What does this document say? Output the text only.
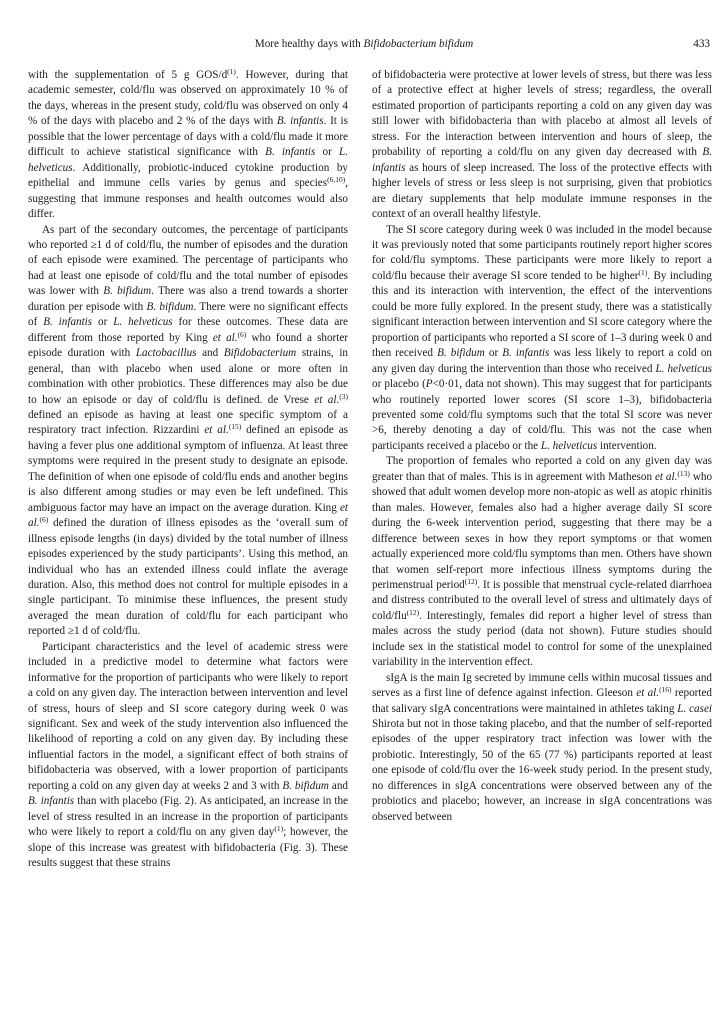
More healthy days with Bifidobacterium bifidum	433

with the supplementation of 5 g GOS/$d^{(1)}$. However, during that academic semester, cold/flu was observed on approximately 10 % of the days, whereas in the present study, cold/flu was observed on only 4 % of the days with placebo and 2 % of the days with B. infantis. It is possible that the lower percentage of days with a cold/flu made it more difficult to achieve statistical significance with B. infantis or L. helveticus. Additionally, probiotic-induced cytokine production by epithelial and immune cells varies by genus and species$^{(6,10)}$, suggesting that immune responses and health outcomes would also differ.

As part of the secondary outcomes, the percentage of participants who reported ≥1 d of cold/flu, the number of episodes and the duration of each episode were examined. The percentage of participants who had at least one episode of cold/flu and the total number of episodes was lower with B. bifidum. There was also a trend towards a shorter duration per episode with B. bifidum. There were no significant effects of B. infantis or L. helveticus for these outcomes. These data are different from those reported by King et al.$^{(6)}$ who found a shorter episode duration with Lactobacillus and Bifidobacterium strains, in general, than with placebo when used alone or more often in combination with other probiotics. These differences may also be due to how an episode or day of cold/flu is defined. de Vrese et al.$^{(3)}$ defined an episode as having at least one specific symptom of a respiratory tract infection. Rizzardini et al.$^{(15)}$ defined an episode as having a fever plus one additional symptom of influenza. At least three symptoms were required in the present study to designate an episode. The definition of when one episode of cold/flu ends and another begins is also different among studies or may even be left undefined. This ambiguous factor may have an impact on the average duration. King et al.$^{(6)}$ defined the duration of illness episodes as the ‘overall sum of illness episode lengths (in days) divided by the total number of illness episodes experienced by the study participants’. Using this method, an individual who has an extended illness could inflate the average duration. Also, this method does not control for multiple episodes in a single participant. To minimise these influences, the present study averaged the mean duration of cold/flu for each participant who reported ≥1 d of cold/flu.

Participant characteristics and the level of academic stress were included in a predictive model to determine what factors were informative for the proportion of participants who were likely to report a cold on any given day. The interaction between intervention and level of stress, hours of sleep and SI score category during week 0 was significant. Sex and week of the study intervention also influenced the likelihood of reporting a cold on any given day. By including these influential factors in the model, a significant effect of both strains of bifidobacteria was observed, with a lower proportion of participants reporting a cold on any given day at weeks 2 and 3 with B. bifidum and B. infantis than with placebo (Fig. 2). As anticipated, an increase in the level of stress resulted in an increase in the proportion of participants who were likely to report a cold/flu on any given day$^{(1)}$; however, the slope of this increase was greatest with bifidobacteria (Fig. 3). These results suggest that these strains

of bifidobacteria were protective at lower levels of stress, but there was less of a protective effect at higher levels of stress; regardless, the overall estimated proportion of participants reporting a cold on any given day was still lower with bifidobacteria than with placebo at almost all levels of stress. For the interaction between intervention and hours of sleep, the probability of reporting a cold/flu on any given day decreased with B. infantis as hours of sleep increased. The loss of the protective effects with higher levels of stress or less sleep is not surprising, given that probiotics are dietary supplements that help modulate immune responses in the context of an overall healthy lifestyle.

The SI score category during week 0 was included in the model because it was previously noted that some participants routinely report higher scores for cold/flu symptoms. These participants were more likely to report a cold/flu because their average SI score tended to be higher$^{(1)}$. By including this and its interaction with intervention, the effect of the interventions could be more fully explored. In the present study, there was a statistically significant interaction between intervention and SI score category where the proportion of participants who reported a SI score of 1–3 during week 0 and then received B. bifidum or B. infantis was less likely to report a cold on any given day during the intervention than those who received L. helveticus or placebo (P<0·01, data not shown). This may suggest that for participants who routinely reported lower scores (SI score 1–3), bifidobacteria prevented some cold/flu symptoms such that the total SI score was never >6, thereby denoting a day of cold/flu. This was not the case when participants received a placebo or the L. helveticus intervention.

The proportion of females who reported a cold on any given day was greater than that of males. This is in agreement with Matheson et al.$^{(13)}$ who showed that adult women develop more non-atopic as well as atopic rhinitis than males. However, females also had a higher average daily SI score during the 6-week intervention period, suggesting that there may be a difference between sexes in how they report symptoms or that women actually experienced more cold/flu symptoms than men. Others have shown that women self-report more infectious illness symptoms during the perimenstrual period$^{(12)}$. It is possible that menstrual cycle-related diarrhoea and distress contributed to the overall level of stress and ultimately days of cold/flu$^{(12)}$. Interestingly, females did report a higher level of stress than males across the study period (data not shown). Future studies should include sex in the statistical model to control for some of the unexplained variability in the intervention effect.

sIgA is the main Ig secreted by immune cells within mucosal tissues and serves as a first line of defence against infection. Gleeson et al.$^{(16)}$ reported that salivary sIgA concentrations were maintained in athletes taking L. casei Shirota but not in those taking placebo, and that the number of self-reported episodes of the upper respiratory tract infection was lower with the probiotic. Interestingly, 50 of the 65 (77 %) participants reported at least one episode of cold/flu over the 16-week study period. In the present study, no differences in sIgA concentrations were observed between any of the probiotics and placebo; however, an increase in sIgA concentrations was observed between
